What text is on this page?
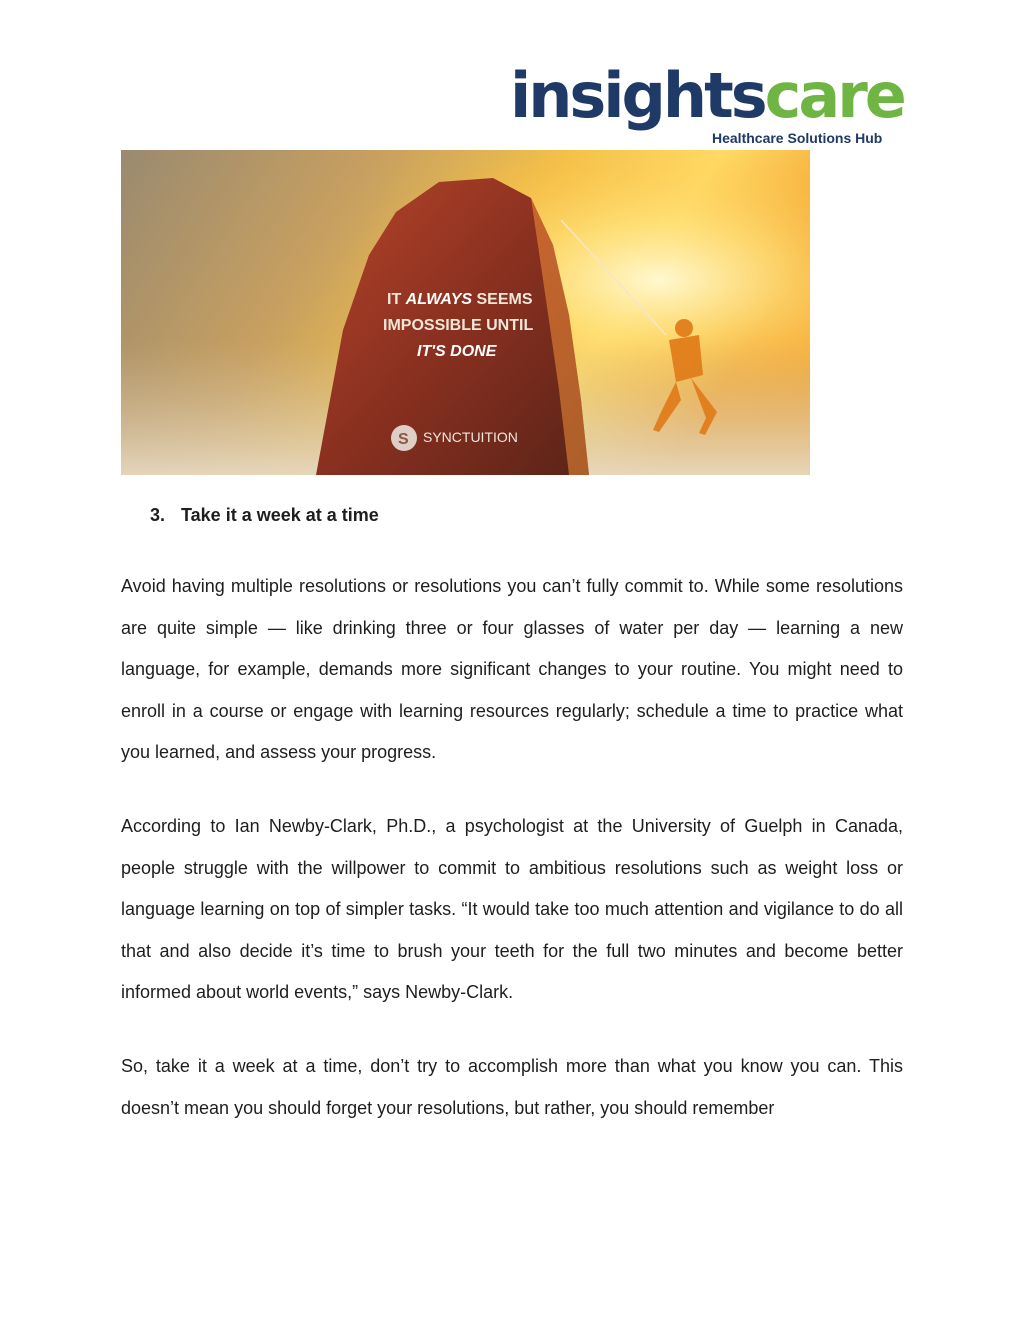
insightscare
Healthcare Solutions Hub
IT ALWAYS SEEMS
IMPOSSIBLE UNTIL
IT'S DONE
S SYNCTUITION

3. Take it a week at a time

Avoid having multiple resolutions or resolutions you can’t fully commit to. While some resolutions are quite simple — like drinking three or four glasses of water per day — learning a new language, for example, demands more significant changes to your routine. You might need to enroll in a course or engage with learning resources regularly; schedule a time to practice what you learned, and assess your progress.

According to Ian Newby-Clark, Ph.D., a psychologist at the University of Guelph in Canada, people struggle with the willpower to commit to ambitious resolutions such as weight loss or language learning on top of simpler tasks. “It would take too much attention and vigilance to do all that and also decide it’s time to brush your teeth for the full two minutes and become better informed about world events,” says Newby-Clark.

So, take it a week at a time, don’t try to accomplish more than what you know you can. This doesn’t mean you should forget your resolutions, but rather, you should remember
